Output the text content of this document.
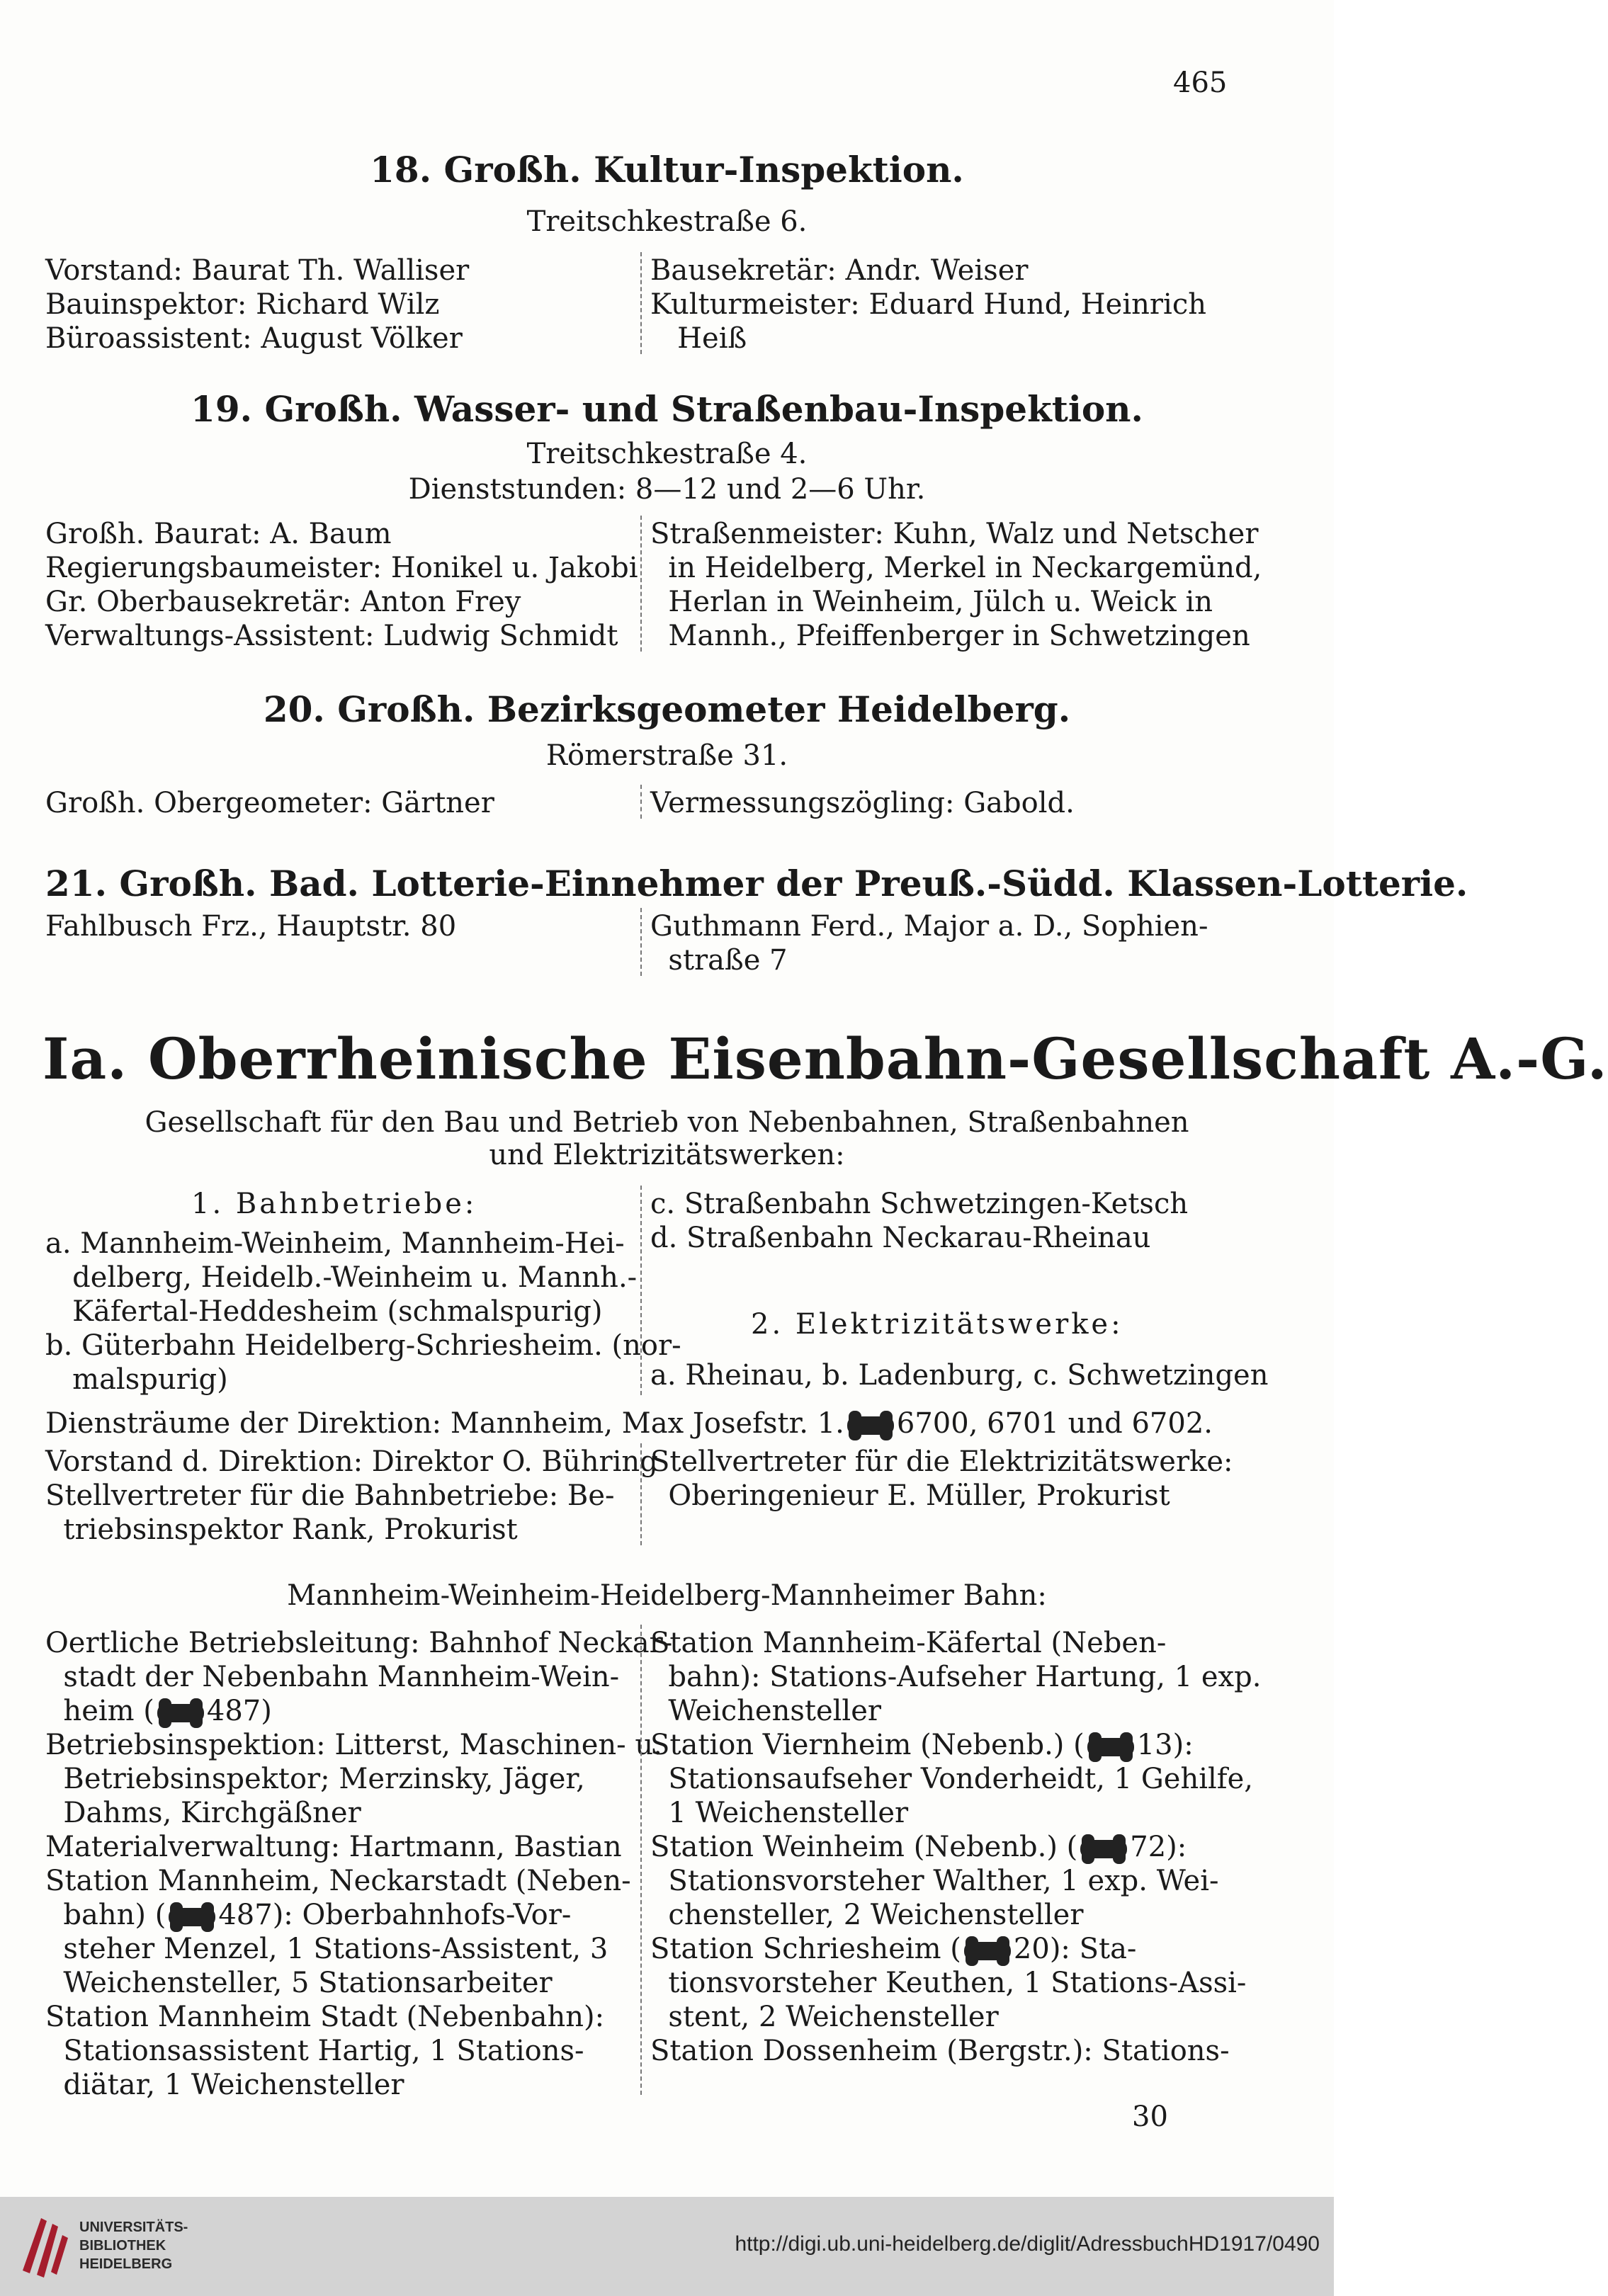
465
18. Großh. Kultur-Inspektion.
Treitschkestraße 6.
Vorstand: Baurat Th. Walliser
Bauinspektor: Richard Wilz
Büroassistent: August Völker
Bausekretär: Andr. Weiser
Kulturmeister: Eduard Hund, Heinrich
Heiß
19. Großh. Wasser- und Straßenbau-Inspektion.
Treitschkestraße 4.
Dienststunden: 8—12 und 2—6 Uhr.
Großh. Baurat: A. Baum
Regierungsbaumeister: Honikel u. Jakobi
Gr. Oberbausekretär: Anton Frey
Verwaltungs-Assistent: Ludwig Schmidt
Straßenmeister: Kuhn, Walz und Netscher
in Heidelberg, Merkel in Neckargemünd,
Herlan in Weinheim, Jülch u. Weick in
Mannh., Pfeiffenberger in Schwetzingen
20. Großh. Bezirksgeometer Heidelberg.
Römerstraße 31.
Großh. Obergeometer: Gärtner	Vermessungszögling: Gabold.
21. Großh. Bad. Lotterie-Einnehmer der Preuß.-Südd. Klassen-Lotterie.
Fahlbusch Frz., Hauptstr. 80	Guthmann Ferd., Major a. D., Sophien-
straße 7
Ia. Oberrheinische Eisenbahn-Gesellschaft A.-G.
Gesellschaft für den Bau und Betrieb von Nebenbahnen, Straßenbahnen
und Elektrizitätswerken:
1. Bahnbetriebe:
a. Mannheim-Weinheim, Mannheim-Hei-
delberg, Heidelb.-Weinheim u. Mannh.-
Käfertal-Heddesheim (schmalspurig)
b. Güterbahn Heidelberg-Schriesheim. (nor-
malspurig)
c. Straßenbahn Schwetzingen-Ketsch
d. Straßenbahn Neckarau-Rheinau
2. Elektrizitätswerke:
a. Rheinau, b. Ladenburg, c. Schwetzingen
Diensträume der Direktion: Mannheim, Max Josefstr. 1. 6700, 6701 und 6702.
Vorstand d. Direktion: Direktor O. Bühring
Stellvertreter für die Bahnbetriebe: Be-
triebsinspektor Rank, Prokurist
Stellvertreter für die Elektrizitätswerke:
Oberingenieur E. Müller, Prokurist
Mannheim-Weinheim-Heidelberg-Mannheimer Bahn:
Oertliche Betriebsleitung: Bahnhof Neckar-
stadt der Nebenbahn Mannheim-Wein-
heim ( 487)
Betriebsinspektion: Litterst, Maschinen- u.
Betriebsinspektor; Merzinsky, Jäger,
Dahms, Kirchgäßner
Materialverwaltung: Hartmann, Bastian
Station Mannheim, Neckarstadt (Neben-
bahn) ( 487): Oberbahnhofs-Vor-
steher Menzel, 1 Stations-Assistent, 3
Weichensteller, 5 Stationsarbeiter
Station Mannheim Stadt (Nebenbahn):
Stationsassistent Hartig, 1 Stations-
diätar, 1 Weichensteller
Station Mannheim-Käfertal (Neben-
bahn): Stations-Aufseher Hartung, 1 exp.
Weichensteller
Station Viernheim (Nebenb.) ( 13):
Stationsaufseher Vonderheidt, 1 Gehilfe,
1 Weichensteller
Station Weinheim (Nebenb.) ( 72):
Stationsvorsteher Walther, 1 exp. Wei-
chensteller, 2 Weichensteller
Station Schriesheim ( 20): Sta-
tionsvorsteher Keuthen, 1 Stations-Assi-
stent, 2 Weichensteller
Station Dossenheim (Bergstr.): Stations-
30
UNIVERSITÄTS-
BIBLIOTHEK
HEIDELBERG
http://digi.ub.uni-heidelberg.de/diglit/AdressbuchHD1917/0490
